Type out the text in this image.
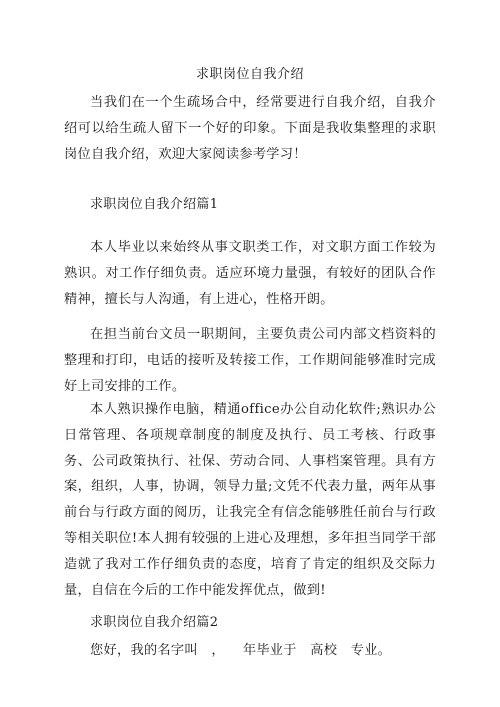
求职岗位自我介绍

当我们在一个生疏场合中，经常要进行自我介绍，自我介绍可以给生疏人留下一个好的印象。下面是我收集整理的求职岗位自我介绍，欢迎大家阅读参考学习！

求职岗位自我介绍篇1

本人毕业以来始终从事文职类工作，对文职方面工作较为熟识。对工作仔细负责。适应环境力量强，有较好的团队合作精神，擅长与人沟通，有上进心，性格开朗。

在担当前台文员一职期间，主要负责公司内部文档资料的整理和打印，电话的接听及转接工作，工作期间能够准时完成好上司安排的工作。

本人熟识操作电脑，精通office办公自动化软件;熟识办公日常管理、各项规章制度的制度及执行、员工考核、行政事务、公司政策执行、社保、劳动合同、人事档案管理。具有方案，组织，人事，协调，领导力量;文凭不代表力量，两年从事前台与行政方面的阅历，让我完全有信念能够胜任前台与行政等相关职位!本人拥有较强的上进心及理想，多年担当同学干部造就了我对工作仔细负责的态度，培育了肯定的组织及交际力量，自信在今后的工作中能发挥优点，做到!

求职岗位自我介绍篇2

您好，我的名字叫   ，    年毕业于   高校   专业。
